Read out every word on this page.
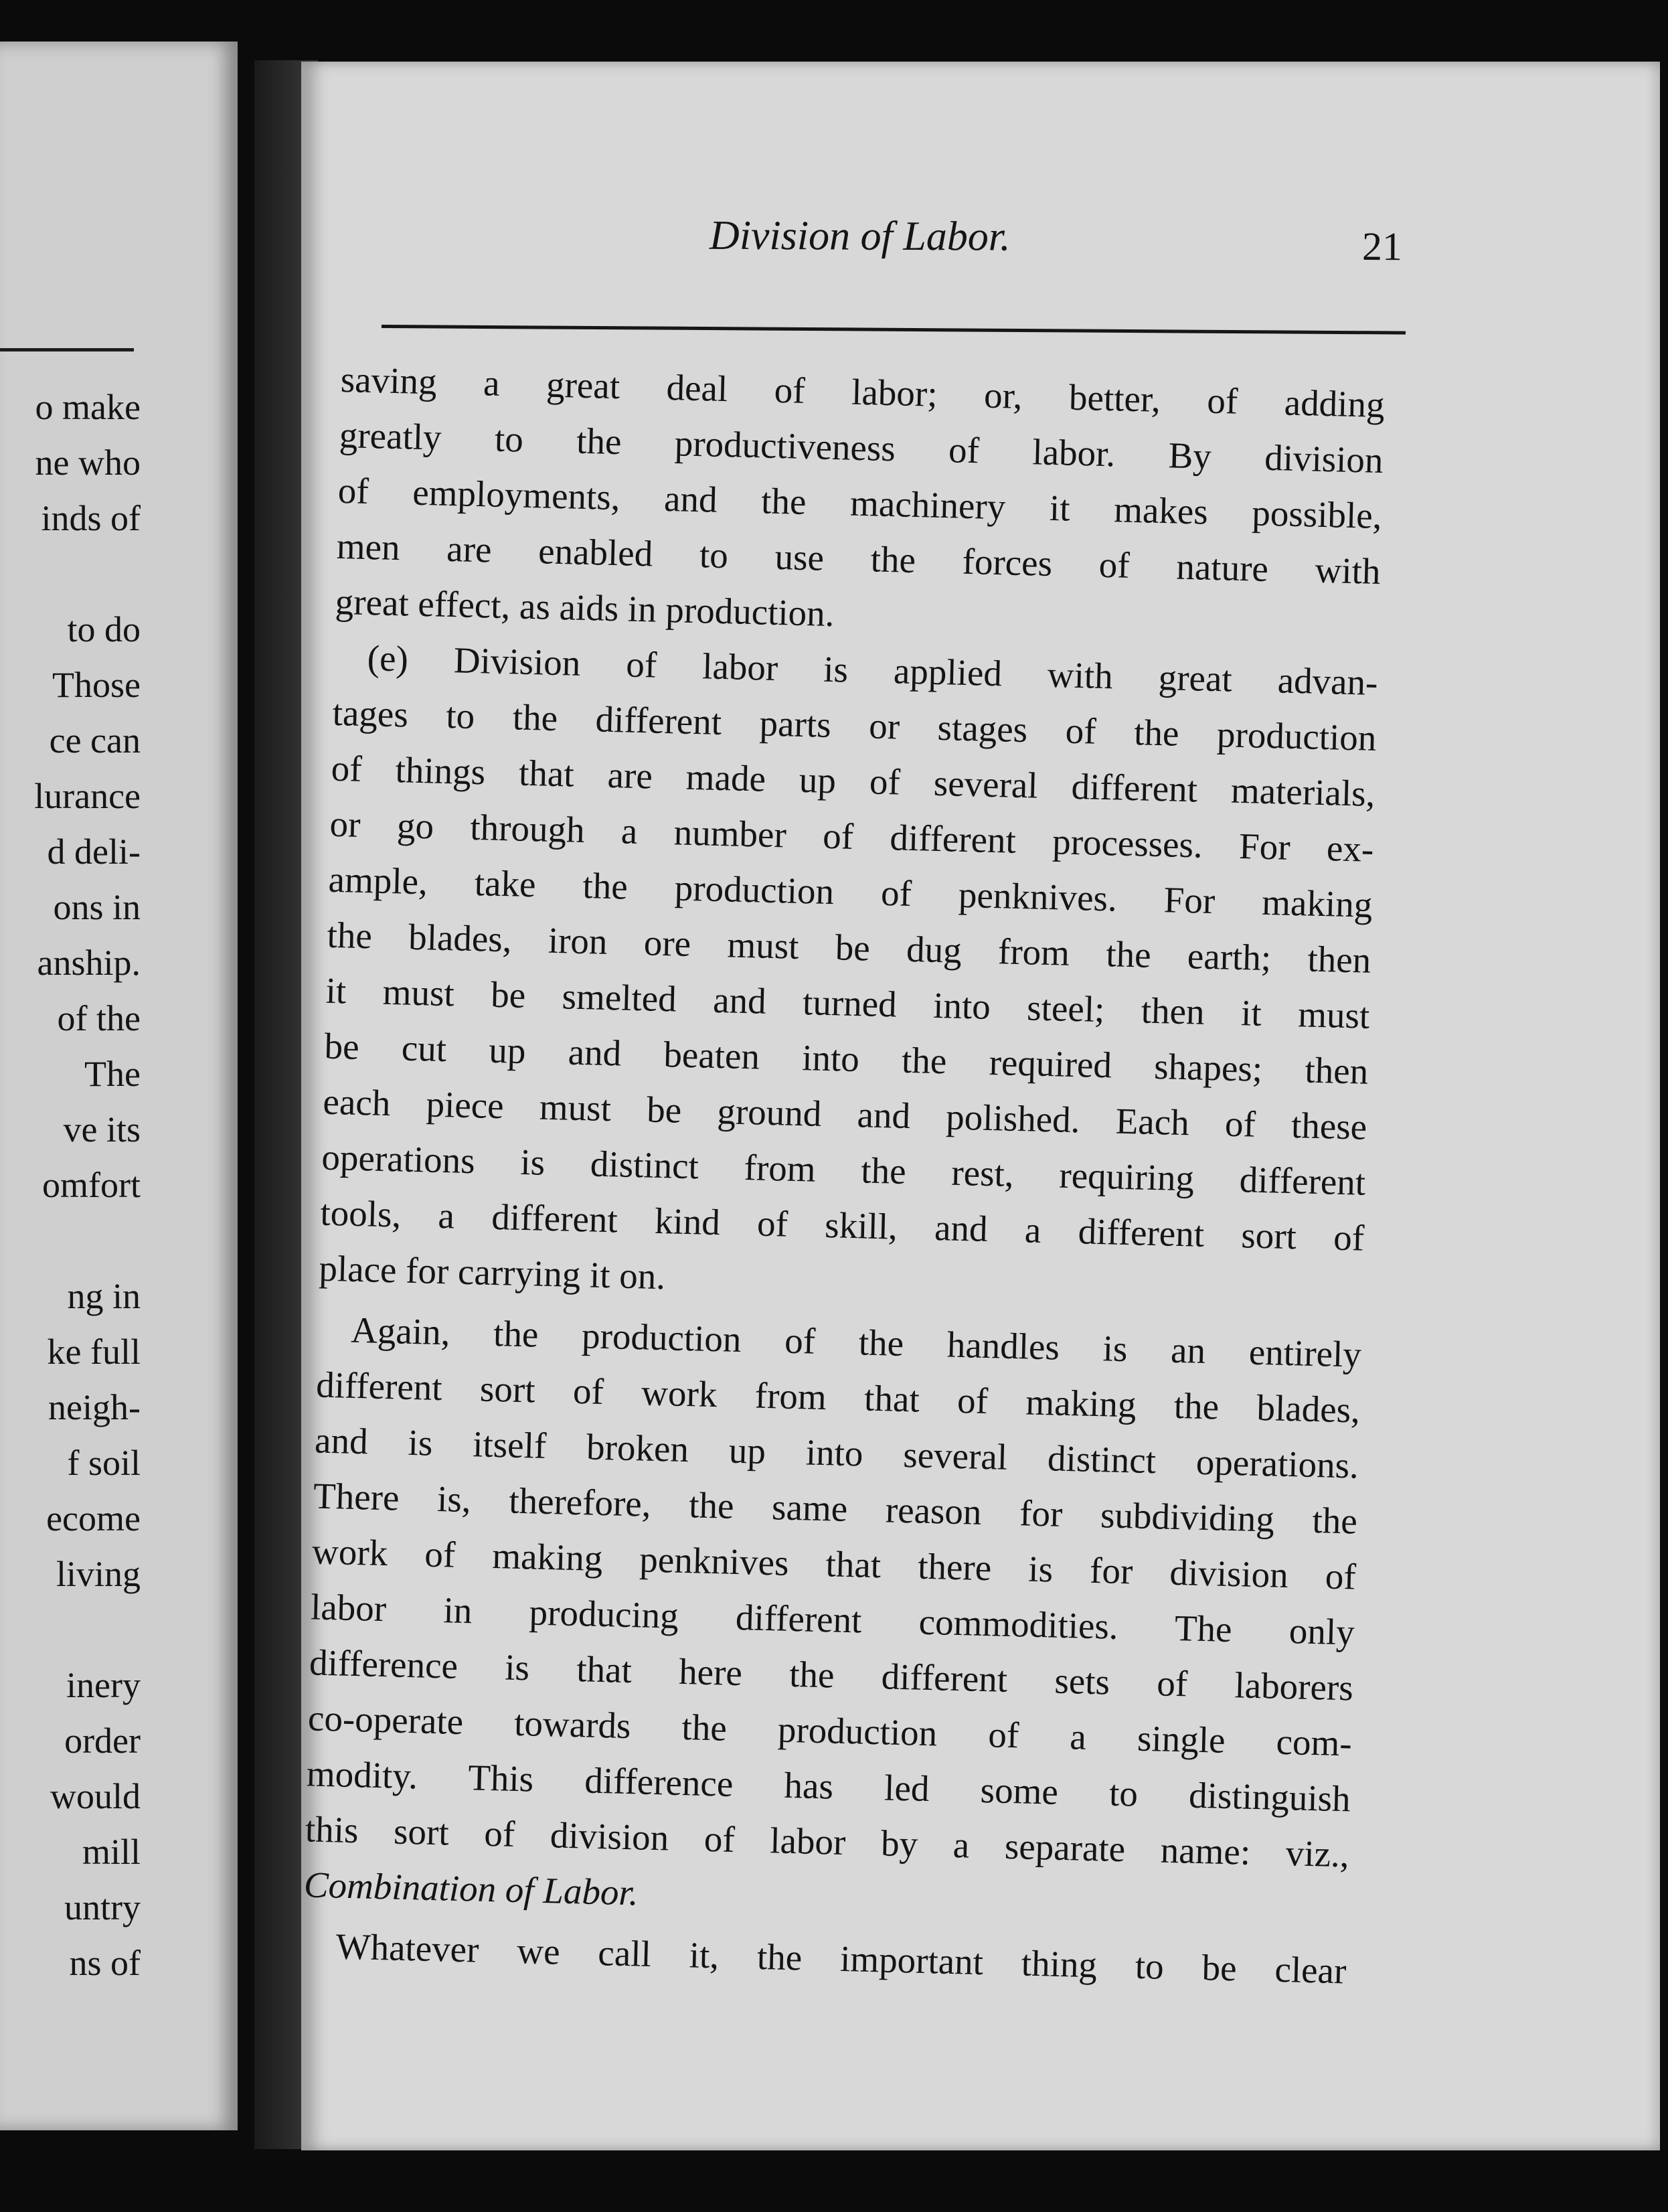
o make
ne who
inds of
to do
Those
ce can
lurance
d deli-
ons in
anship.
of the
The
ve its
omfort
ng in
ke full
neigh-
f soil
ecome
living
inery
order
would
mill
untry
ns of
Division of Labor.	21
saving a great deal of labor; or, better, of adding
greatly to the productiveness of labor. By division
of employments, and the machinery it makes possible,
men are enabled to use the forces of nature with
great effect, as aids in production.
(e) Division of labor is applied with great advan-
tages to the different parts or stages of the production
of things that are made up of several different materials,
or go through a number of different processes. For ex-
ample, take the production of penknives. For making
the blades, iron ore must be dug from the earth; then
it must be smelted and turned into steel; then it must
be cut up and beaten into the required shapes; then
each piece must be ground and polished. Each of these
operations is distinct from the rest, requiring different
tools, a different kind of skill, and a different sort of
place for carrying it on.
Again, the production of the handles is an entirely
different sort of work from that of making the blades,
and is itself broken up into several distinct operations.
There is, therefore, the same reason for subdividing the
work of making penknives that there is for division of
labor in producing different commodities. The only
difference is that here the different sets of laborers
co-operate towards the production of a single com-
modity. This difference has led some to distinguish
this sort of division of labor by a separate name: viz.,
Combination of Labor.
Whatever we call it, the important thing to be clear
